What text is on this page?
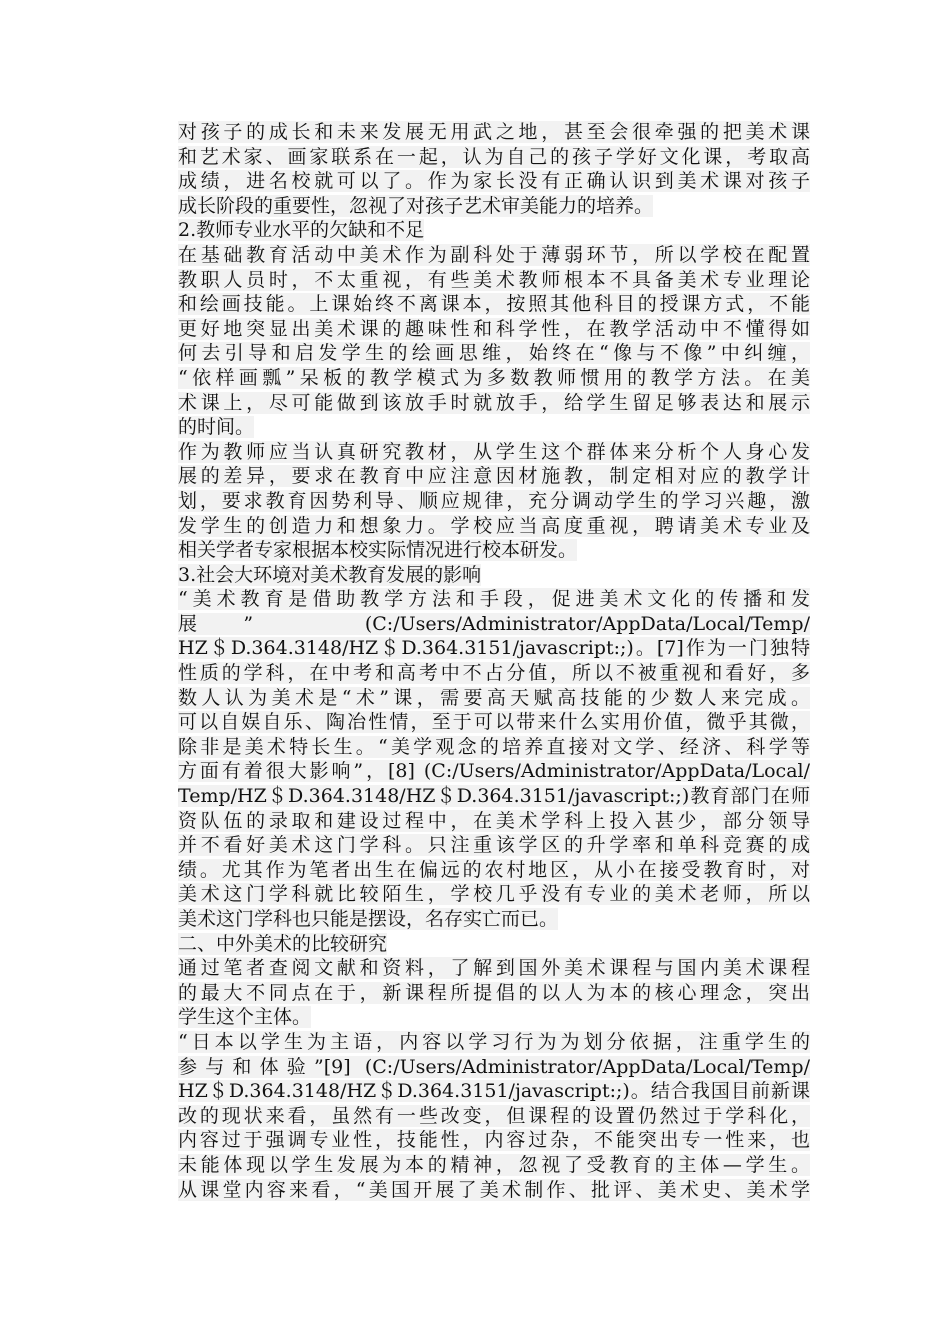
对孩子的成长和未来发展无用武之地，甚至会很牵强的把美术课
和艺术家、画家联系在一起，认为自己的孩子学好文化课，考取高
成绩，进名校就可以了。作为家长没有正确认识到美术课对孩子
成长阶段的重要性，忽视了对孩子艺术审美能力的培养。
2.教师专业水平的欠缺和不足
在基础教育活动中美术作为副科处于薄弱环节，所以学校在配置
教职人员时，不太重视，有些美术教师根本不具备美术专业理论
和绘画技能。上课始终不离课本，按照其他科目的授课方式，不能
更好地突显出美术课的趣味性和科学性，在教学活动中不懂得如
何去引导和启发学生的绘画思维，始终在“像与不像”中纠缠，
“依样画瓢”呆板的教学模式为多数教师惯用的教学方法。在美
术课上，尽可能做到该放手时就放手，给学生留足够表达和展示
的时间。
作为教师应当认真研究教材，从学生这个群体来分析个人身心发
展的差异，要求在教育中应注意因材施教，制定相对应的教学计
划，要求教育因势利导、顺应规律，充分调动学生的学习兴趣，激
发学生的创造力和想象力。学校应当高度重视，聘请美术专业及
相关学者专家根据本校实际情况进行校本研发。
3.社会大环境对美术教育发展的影响
“美术教育是借助教学方法和手段，促进美术文化的传播和发
展　”　　　(C:/Users/Administrator/AppData/Local/Temp/
HZ＄D.364.3148/HZ＄D.364.3151/javascript:;)。[7]作为一门独特
性质的学科，在中考和高考中不占分值，所以不被重视和看好，多
数人认为美术是“术”课，需要高天赋高技能的少数人来完成。
可以自娱自乐、陶冶性情，至于可以带来什么实用价值，微乎其微，
除非是美术特长生。“美学观念的培养直接对文学、经济、科学等
方面有着很大影响”，[8] (C:/Users/Administrator/AppData/Local/
Temp/HZ＄D.364.3148/HZ＄D.364.3151/javascript:;)教育部门在师
资队伍的录取和建设过程中，在美术学科上投入甚少，部分领导
并不看好美术这门学科。只注重该学区的升学率和单科竞赛的成
绩。尤其作为笔者出生在偏远的农村地区，从小在接受教育时，对
美术这门学科就比较陌生，学校几乎没有专业的美术老师，所以
美术这门学科也只能是摆设，名存实亡而已。
二、中外美术的比较研究
通过笔者查阅文献和资料，了解到国外美术课程与国内美术课程
的最大不同点在于，新课程所提倡的以人为本的核心理念，突出
学生这个主体。
“日本以学生为主语，内容以学习行为为划分依据，注重学生的
参与和体验”[9] (C:/Users/Administrator/AppData/Local/Temp/
HZ＄D.364.3148/HZ＄D.364.3151/javascript:;)。结合我国目前新课
改的现状来看，虽然有一些改变，但课程的设置仍然过于学科化，
内容过于强调专业性，技能性，内容过杂，不能突出专一性来，也
未能体现以学生发展为本的精神，忽视了受教育的主体—学生。
从课堂内容来看，“美国开展了美术制作、批评、美术史、美术学
